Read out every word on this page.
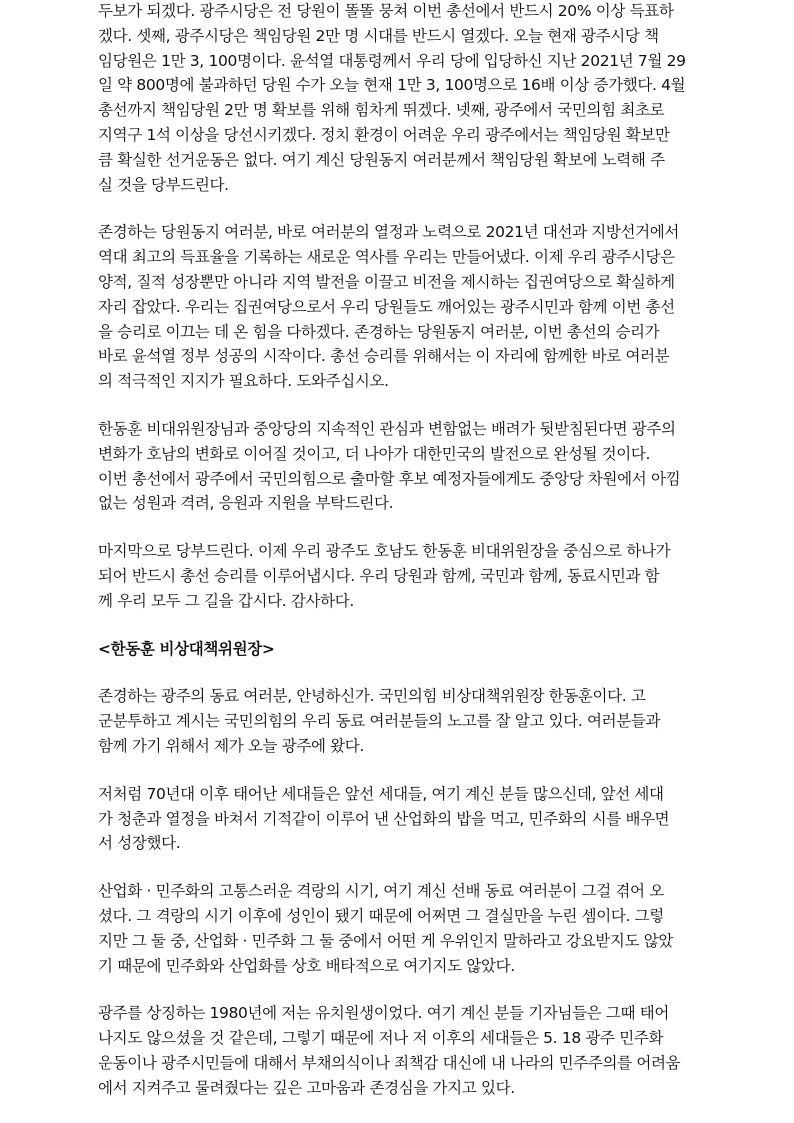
두보가 되겠다. 광주시당은 전 당원이 똘똘 뭉쳐 이번 총선에서 반드시 20% 이상 득표하
겠다. 셋째, 광주시당은 책임당원 2만 명 시대를 반드시 열겠다. 오늘 현재 광주시당 책
임당원은 1만 3, 100명이다. 윤석열 대통령께서 우리 당에 입당하신 지난 2021년 7월 29
일 약 800명에 불과하던 당원 수가 오늘 현재 1만 3, 100명으로 16배 이상 증가했다. 4월
총선까지 책임당원 2만 명 확보를 위해 힘차게 뛰겠다. 넷째, 광주에서 국민의힘 최초로
지역구 1석 이상을 당선시키겠다. 정치 환경이 어려운 우리 광주에서는 책임당원 확보만
큼 확실한 선거운동은 없다. 여기 계신 당원동지 여러분께서 책임당원 확보에 노력해 주
실 것을 당부드린다.
존경하는 당원동지 여러분, 바로 여러분의 열정과 노력으로 2021년 대선과 지방선거에서
역대 최고의 득표율을 기록하는 새로운 역사를 우리는 만들어냈다. 이제 우리 광주시당은
양적, 질적 성장뿐만 아니라 지역 발전을 이끌고 비전을 제시하는 집권여당으로 확실하게
자리 잡았다. 우리는 집권여당으로서 우리 당원들도 깨어있는 광주시민과 함께 이번 총선
을 승리로 이끄는 데 온 힘을 다하겠다. 존경하는 당원동지 여러분, 이번 총선의 승리가
바로 윤석열 정부 성공의 시작이다. 총선 승리를 위해서는 이 자리에 함께한 바로 여러분
의 적극적인 지지가 필요하다. 도와주십시오.
한동훈 비대위원장님과 중앙당의 지속적인 관심과 변함없는 배려가 뒷받침된다면 광주의
변화가 호남의 변화로 이어질 것이고, 더 나아가 대한민국의 발전으로 완성될 것이다.
이번 총선에서 광주에서 국민의힘으로 출마할 후보 예정자들에게도 중앙당 차원에서 아낌
없는 성원과 격려, 응원과 지원을 부탁드린다.
마지막으로 당부드린다. 이제 우리 광주도 호남도 한동훈 비대위원장을 중심으로 하나가
되어 반드시 총선 승리를 이루어냅시다. 우리 당원과 함께, 국민과 함께, 동료시민과 함
께 우리 모두 그 길을 갑시다. 감사하다.
<한동훈 비상대책위원장>
존경하는 광주의 동료 여러분, 안녕하신가. 국민의힘 비상대책위원장 한동훈이다. 고
군분투하고 계시는 국민의힘의 우리 동료 여러분들의 노고를 잘 알고 있다. 여러분들과
함께 가기 위해서 제가 오늘 광주에 왔다.
저처럼 70년대 이후 태어난 세대들은 앞선 세대들, 여기 계신 분들 많으신데, 앞선 세대
가 청춘과 열정을 바쳐서 기적같이 이루어 낸 산업화의 밥을 먹고, 민주화의 시를 배우면
서 성장했다.
산업화 · 민주화의 고통스러운 격랑의 시기, 여기 계신 선배 동료 여러분이 그걸 겪어 오
셨다. 그 격랑의 시기 이후에 성인이 됐기 때문에 어쩌면 그 결실만을 누린 셈이다. 그렇
지만 그 둘 중, 산업화 · 민주화 그 둘 중에서 어떤 게 우위인지 말하라고 강요받지도 않았
기 때문에 민주화와 산업화를 상호 배타적으로 여기지도 않았다.
광주를 상징하는 1980년에 저는 유치원생이었다. 여기 계신 분들 기자님들은 그때 태어
나지도 않으셨을 것 같은데, 그렇기 때문에 저나 저 이후의 세대들은 5. 18 광주 민주화
운동이나 광주시민들에 대해서 부채의식이나 죄책감 대신에 내 나라의 민주주의를 어려움
에서 지켜주고 물려줬다는 깊은 고마움과 존경심을 가지고 있다.
